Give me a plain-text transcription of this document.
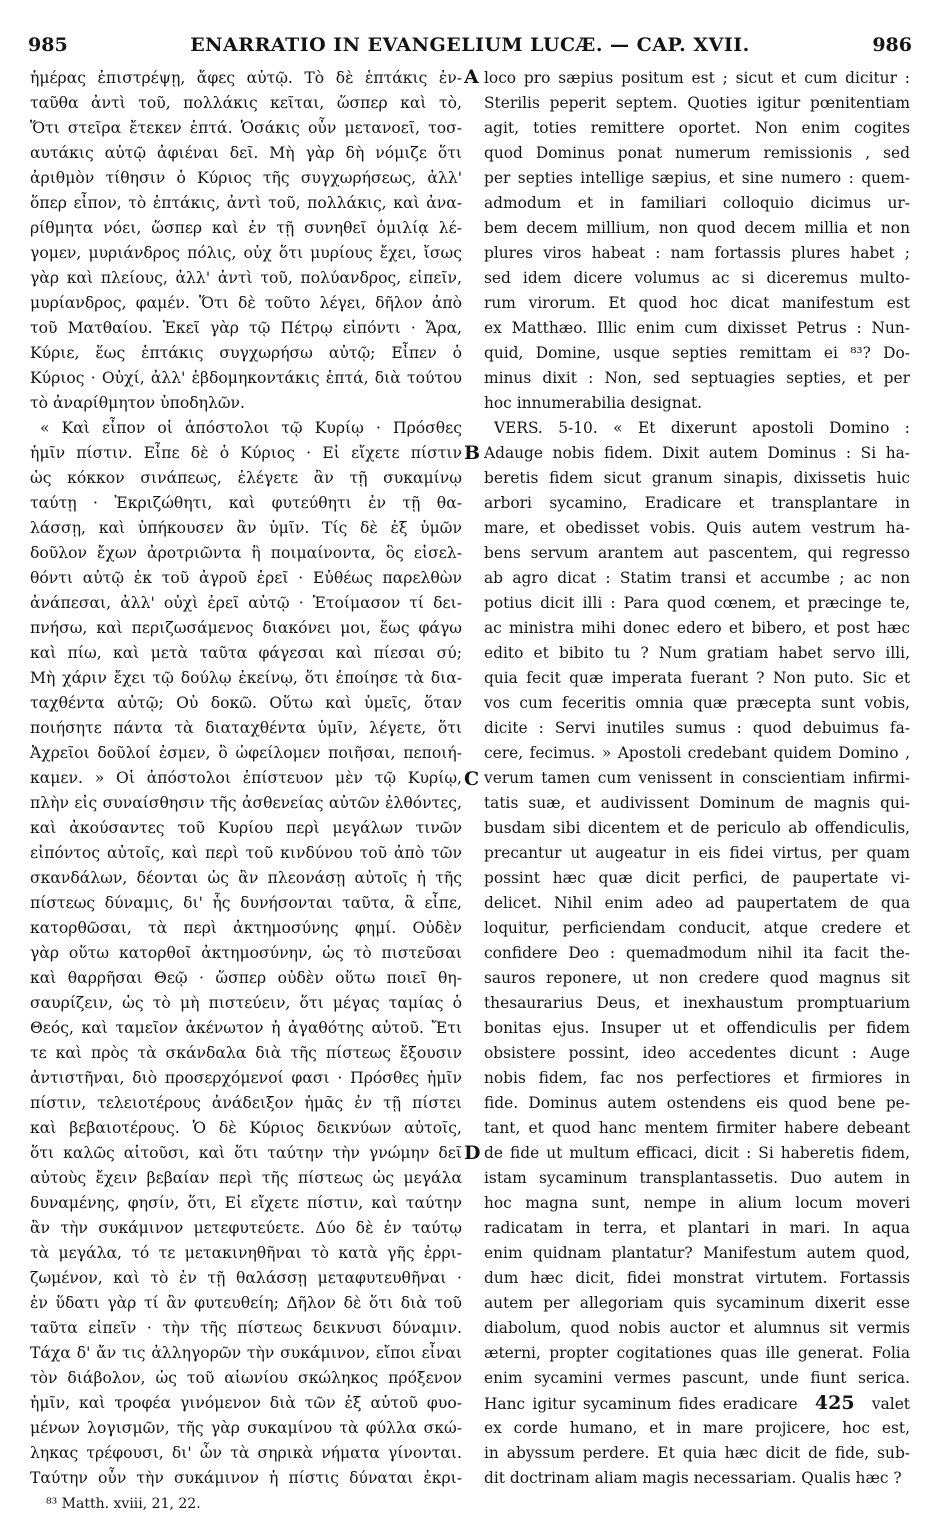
985	ENARRATIO IN EVANGELIUM LUCÆ. — CAP. XVII.	986
A
B
C
D
ἡμέρας ἐπιστρέψῃ, ἄφες αὐτῷ. Τὸ δὲ ἑπτάκις ἐν-
ταῦθα ἀντὶ τοῦ, πολλάκις κεῖται, ὥσπερ καὶ τὸ,
Ὅτι στεῖρα ἔτεκεν ἑπτά. Ὁσάκις οὖν μετανοεῖ, τοσ-
αυτάκις αὐτῷ ἀφιέναι δεῖ. Μὴ γὰρ δὴ νόμιζε ὅτι
ἀριθμὸν τίθησιν ὁ Κύριος τῆς συγχωρήσεως, ἀλλ'
ὅπερ εἶπον, τὸ ἑπτάκις, ἀντὶ τοῦ, πολλάκις, καὶ ἀνα-
ρίθμητα νόει, ὥσπερ καὶ ἐν τῇ συνηθεῖ ὁμιλίᾳ λέ-
γομεν, μυριάνδρος πόλις, οὐχ ὅτι μυρίους ἔχει, ἴσως
γὰρ καὶ πλείους, ἀλλ' ἀντὶ τοῦ, πολύανδρος, εἰπεῖν,
μυρίανδρος, φαμέν. Ὅτι δὲ τοῦτο λέγει, δῆλον ἀπὸ
τοῦ Ματθαίου. Ἐκεῖ γὰρ τῷ Πέτρῳ εἰπόντι · Ἄρα,
Κύριε, ἕως ἑπτάκις συγχωρήσω αὐτῷ; Εἶπεν ὁ
Κύριος · Οὐχί, ἀλλ' ἑβδομηκοντάκις ἑπτά, διὰ τούτου
τὸ ἀναρίθμητον ὑποδηλῶν.
« Καὶ εἶπον οἱ ἀπόστολοι τῷ Κυρίῳ · Πρόσθες
ἡμῖν πίστιν. Εἶπε δὲ ὁ Κύριος · Εἰ εἴχετε πίστιν
ὡς κόκκον σινάπεως, ἐλέγετε ἂν τῇ συκαμίνῳ
ταύτῃ · Ἐκριζώθητι, καὶ φυτεύθητι ἐν τῇ θα-
λάσσῃ, καὶ ὑπήκουσεν ἂν ὑμῖν. Τίς δὲ ἐξ ὑμῶν
δοῦλον ἔχων ἀροτριῶντα ἢ ποιμαίνοντα, ὃς εἰσελ-
θόντι αὐτῷ ἐκ τοῦ ἀγροῦ ἐρεῖ · Εὐθέως παρελθὼν
ἀνάπεσαι, ἀλλ' οὐχὶ ἐρεῖ αὐτῷ · Ἑτοίμασον τί δει-
πνήσω, καὶ περιζωσάμενος διακόνει μοι, ἕως φάγω
καὶ πίω, καὶ μετὰ ταῦτα φάγεσαι καὶ πίεσαι σύ;
Μὴ χάριν ἔχει τῷ δούλῳ ἐκείνῳ, ὅτι ἐποίησε τὰ δια-
ταχθέντα αὐτῷ; Οὐ δοκῶ. Οὕτω καὶ ὑμεῖς, ὅταν
ποιήσητε πάντα τὰ διαταχθέντα ὑμῖν, λέγετε, ὅτι
Ἀχρεῖοι δοῦλοί ἐσμεν, ὃ ὠφείλομεν ποιῆσαι, πεποιή-
καμεν. » Οἱ ἀπόστολοι ἐπίστευον μὲν τῷ Κυρίῳ,
πλὴν εἰς συναίσθησιν τῆς ἀσθενείας αὐτῶν ἐλθόντες,
καὶ ἀκούσαντες τοῦ Κυρίου περὶ μεγάλων τινῶν
εἰπόντος αὐτοῖς, καὶ περὶ τοῦ κινδύνου τοῦ ἀπὸ τῶν
σκανδάλων, δέονται ὡς ἂν πλεονάσῃ αὐτοῖς ἡ τῆς
πίστεως δύναμις, δι' ἧς δυνήσονται ταῦτα, ἃ εἶπε,
κατορθῶσαι, τὰ περὶ ἀκτημοσύνης φημί. Οὐδὲν
γὰρ οὕτω κατορθοῖ ἀκτημοσύνην, ὡς τὸ πιστεῦσαι
καὶ θαρρῆσαι Θεῷ · ὥσπερ οὐδὲν οὕτω ποιεῖ θη-
σαυρίζειν, ὡς τὸ μὴ πιστεύειν, ὅτι μέγας ταμίας ὁ
Θεός, καὶ ταμεῖον ἀκένωτον ἡ ἀγαθότης αὐτοῦ. Ἔτι
τε καὶ πρὸς τὰ σκάνδαλα διὰ τῆς πίστεως ἔξουσιν
ἀντιστῆναι, διὸ προσερχόμενοί φασι · Πρόσθες ἡμῖν
πίστιν, τελειοτέρους ἀνάδειξον ἡμᾶς ἐν τῇ πίστει
καὶ βεβαιοτέρους. Ὁ δὲ Κύριος δεικνύων αὐτοῖς,
ὅτι καλῶς αἰτοῦσι, καὶ ὅτι ταύτην τὴν γνώμην δεῖ
αὐτοὺς ἔχειν βεβαίαν περὶ τῆς πίστεως ὡς μεγάλα
δυναμένης, φησίν, ὅτι, Εἰ εἴχετε πίστιν, καὶ ταύτην
ἂν τὴν συκάμινον μετεφυτεύετε. Δύο δὲ ἐν ταύτῳ
τὰ μεγάλα, τό τε μετακινηθῆναι τὸ κατὰ γῆς ἐρρι-
ζωμένον, καὶ τὸ ἐν τῇ θαλάσσῃ μεταφυτευθῆναι ·
ἐν ὕδατι γὰρ τί ἂν φυτευθείη; Δῆλον δὲ ὅτι διὰ τοῦ
ταῦτα εἰπεῖν · τὴν τῆς πίστεως δεικνυσι δύναμιν.
Τάχα δ' ἄν τις ἀλληγορῶν τὴν συκάμινον, εἴποι εἶναι
τὸν διάβολον, ὡς τοῦ αἰωνίου σκώληκος πρόξενον
ἡμῖν, καὶ τροφέα γινόμενον διὰ τῶν ἐξ αὐτοῦ φυο-
μένων λογισμῶν, τῆς γὰρ συκαμίνου τὰ φύλλα σκώ-
ληκας τρέφουσι, δι' ὧν τὰ σηρικὰ νήματα γίνονται.
Ταύτην οὖν τὴν συκάμινον ἡ πίστις δύναται ἐκρι-
loco pro sæpius positum est ; sicut et cum dicitur :
Sterilis peperit septem. Quoties igitur pœnitentiam
agit, toties remittere oportet. Non enim cogites
quod Dominus ponat numerum remissionis , sed
per septies intellige sæpius, et sine numero : quem-
admodum et in familiari colloquio dicimus ur-
bem decem millium, non quod decem millia et non
plures viros habeat : nam fortassis plures habet ;
sed idem dicere volumus ac si diceremus multo-
rum virorum. Et quod hoc dicat manifestum est
ex Matthæo. Illic enim cum dixisset Petrus : Nun-
quid, Domine, usque septies remittam ei ⁸³? Do-
minus dixit : Non, sed septuagies septies, et per
hoc innumerabilia designat.
VERS. 5-10. « Et dixerunt apostoli Domino :
Adauge nobis fidem. Dixit autem Dominus : Si ha-
beretis fidem sicut granum sinapis, dixissetis huic
arbori sycamino, Eradicare et transplantare in
mare, et obedisset vobis. Quis autem vestrum ha-
bens servum arantem aut pascentem, qui regresso
ab agro dicat : Statim transi et accumbe ; ac non
potius dicit illi : Para quod cœnem, et præcinge te,
ac ministra mihi donec edero et bibero, et post hæc
edito et bibito tu ? Num gratiam habet servo illi,
quia fecit quæ imperata fuerant ? Non puto. Sic et
vos cum feceritis omnia quæ præcepta sunt vobis,
dicite : Servi inutiles sumus : quod debuimus fa-
cere, fecimus. » Apostoli credebant quidem Domino ,
verum tamen cum venissent in conscientiam infirmi-
tatis suæ, et audivissent Dominum de magnis qui-
busdam sibi dicentem et de periculo ab offendiculis,
precantur ut augeatur in eis fidei virtus, per quam
possint hæc quæ dicit perfici, de paupertate vi-
delicet. Nihil enim adeo ad paupertatem de qua
loquitur, perficiendam conducit, atque credere et
confidere Deo : quemadmodum nihil ita facit the-
sauros reponere, ut non credere quod magnus sit
thesaurarius Deus, et inexhaustum promptuarium
bonitas ejus. Insuper ut et offendiculis per fidem
obsistere possint, ideo accedentes dicunt : Auge
nobis fidem, fac nos perfectiores et firmiores in
fide. Dominus autem ostendens eis quod bene pe-
tant, et quod hanc mentem firmiter habere debeant
de fide ut multum efficaci, dicit : Si haberetis fidem,
istam sycaminum transplantassetis. Duo autem in
hoc magna sunt, nempe in alium locum moveri
radicatam in terra, et plantari in mari. In aqua
enim quidnam plantatur? Manifestum autem quod,
dum hæc dicit, fidei monstrat virtutem. Fortassis
autem per allegoriam quis sycaminum dixerit esse
diabolum, quod nobis auctor et alumnus sit vermis
æterni, propter cogitationes quas ille generat. Folia
enim sycamini vermes pascunt, unde fiunt serica.
Hanc igitur sycaminum fides eradicare 425 valet
ex corde humano, et in mare projicere, hoc est,
in abyssum perdere. Et quia hæc dicit de fide, sub-
dit doctrinam aliam magis necessariam. Qualis hæc ?
⁸³ Matth. xviii, 21, 22.
